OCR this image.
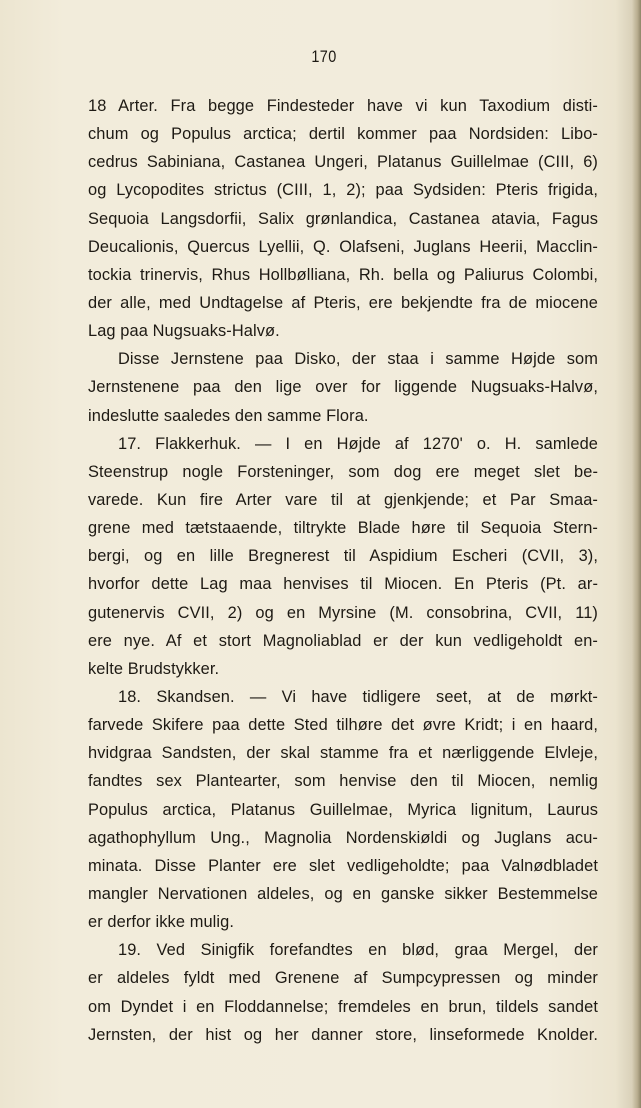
170
18 Arter. Fra begge Findesteder have vi kun Taxodium disti-
chum og Populus arctica; dertil kommer paa Nordsiden: Libo-
cedrus Sabiniana, Castanea Ungeri, Platanus Guillelmae (CIII, 6)
og Lycopodites strictus (CIII, 1, 2); paa Sydsiden: Pteris frigida,
Sequoia Langsdorfii, Salix grønlandica, Castanea atavia, Fagus
Deucalionis, Quercus Lyellii, Q. Olafseni, Juglans Heerii, Macclin-
tockia trinervis, Rhus Hollbølliana, Rh. bella og Paliurus Colombi,
der alle, med Undtagelse af Pteris, ere bekjendte fra de miocene
Lag paa Nugsuaks-Halvø.
Disse Jernstene paa Disko, der staa i samme Højde som
Jernstenene paa den lige over for liggende Nugsuaks-Halvø,
indeslutte saaledes den samme Flora.
17. Flakkerhuk. — I en Højde af 1270' o. H. samlede
Steenstrup nogle Forsteninger, som dog ere meget slet be-
varede. Kun fire Arter vare til at gjenkjende; et Par Smaa-
grene med tætstaaende, tiltrykte Blade høre til Sequoia Stern-
bergi, og en lille Bregnerest til Aspidium Escheri (CVII, 3),
hvorfor dette Lag maa henvises til Miocen. En Pteris (Pt. ar-
gutenervis CVII, 2) og en Myrsine (M. consobrina, CVII, 11)
ere nye. Af et stort Magnoliablad er der kun vedligeholdt en-
kelte Brudstykker.
18. Skandsen. — Vi have tidligere seet, at de mørkt-
farvede Skifere paa dette Sted tilhøre det øvre Kridt; i en haard,
hvidgraa Sandsten, der skal stamme fra et nærliggende Elvleje,
fandtes sex Plantearter, som henvise den til Miocen, nemlig
Populus arctica, Platanus Guillelmae, Myrica lignitum, Laurus
agathophyllum Ung., Magnolia Nordenskiøldi og Juglans acu-
minata. Disse Planter ere slet vedligeholdte; paa Valnødbladet
mangler Nervationen aldeles, og en ganske sikker Bestemmelse
er derfor ikke mulig.
19. Ved Sinigfik forefandtes en blød, graa Mergel, der
er aldeles fyldt med Grenene af Sumpcypressen og minder
om Dyndet i en Floddannelse; fremdeles en brun, tildels sandet
Jernsten, der hist og her danner store, linseformede Knolder.
